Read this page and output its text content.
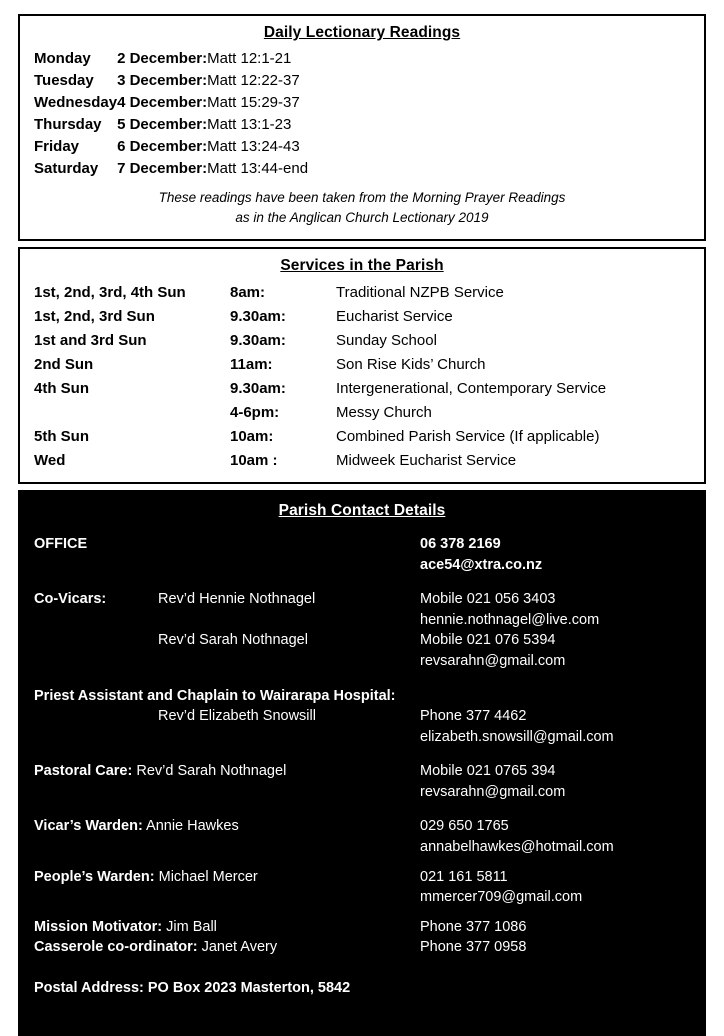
Daily Lectionary Readings
Monday	2 December:	Matt 12:1-21
Tuesday	3 December:	Matt 12:22-37
Wednesday	4 December:	Matt 15:29-37
Thursday	5 December:	Matt 13:1-23
Friday	6 December:	Matt 13:24-43
Saturday	7 December:	Matt 13:44-end
These readings have been taken from the Morning Prayer Readings
as in the Anglican Church Lectionary 2019
Services in the Parish
1st, 2nd, 3rd, 4th Sun	8am:	Traditional NZPB Service
1st, 2nd, 3rd Sun	9.30am:	Eucharist Service
1st and 3rd Sun	9.30am:	Sunday School
2nd Sun	11am:	Son Rise Kids’ Church
4th Sun	9.30am:	Intergenerational, Contemporary Service
	4-6pm:	Messy Church
5th Sun	10am:	Combined Parish Service (If applicable)
Wed	10am :	Midweek Eucharist Service
Parish Contact Details
OFFICE		06 378 2169
		ace54@xtra.co.nz

Co-Vicars:	Rev’d Hennie Nothnagel	Mobile 021 056 3403
		hennie.nothnagel@live.com
	Rev’d Sarah Nothnagel	Mobile 021 076 5394
		revsarahn@gmail.com

Priest Assistant and Chaplain to Wairarapa Hospital:		
	Rev’d Elizabeth Snowsill	Phone 377 4462
		elizabeth.snowsill@gmail.com

Pastoral Care: Rev’d Sarah Nothnagel		Mobile 021 0765 394
		revsarahn@gmail.com

Vicar’s Warden: Annie Hawkes		029 650 1765
		annabelhawkes@hotmail.com

People’s Warden: Michael Mercer		021 161 5811
		mmercer709@gmail.com

Mission Motivator: Jim Ball		Phone 377 1086
Casserole co-ordinator: Janet Avery		Phone 377 0958
Postal Address: PO Box 2023 Masterton, 5842
